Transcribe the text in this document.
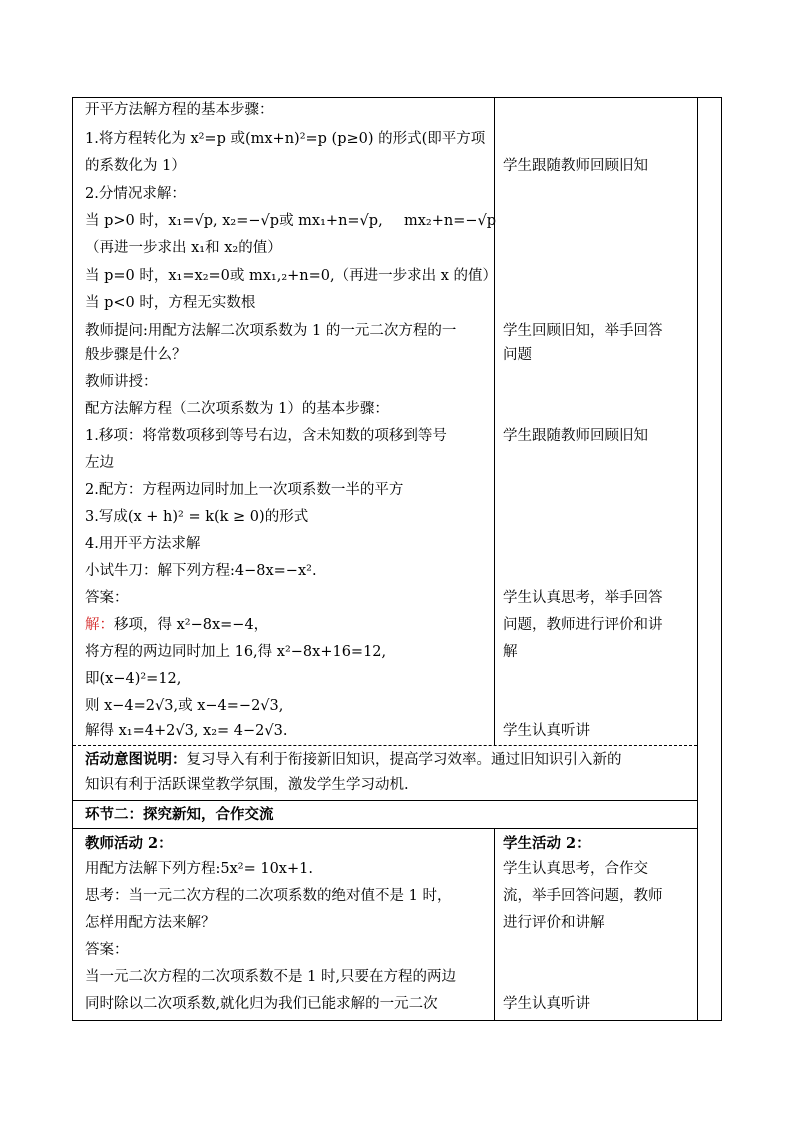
开平方法解方程的基本步骤：
1.将方程转化为 x²=p 或(mx+n)²=p (p≥0) 的形式(即平方项
的系数化为 1）
2.分情况求解：
当 p>0 时，x₁=√p, x₂=−√p或 mx₁+n=√p, mx₂+n=−√p
（再进一步求出 x₁和 x₂的值）
当 p=0 时，x₁=x₂=0或 mx₁,₂+n=0,（再进一步求出 x 的值）
当 p<0 时，方程无实数根
教师提问:用配方法解二次项系数为 1 的一元二次方程的一
般步骤是什么？
教师讲授：
配方法解方程（二次项系数为 1）的基本步骤：
1.移项：将常数项移到等号右边，含未知数的项移到等号
左边
2.配方：方程两边同时加上一次项系数一半的平方
3.写成(x + h)² = k(k ≥ 0)的形式
4.用开平方法求解
小试牛刀：解下列方程:4−8x=−x².
答案：
解：移项，得 x²−8x=−4，
将方程的两边同时加上 16,得 x²−8x+16=12,
即(x−4)²=12,
则 x−4=2√3,或 x−4=−2√3,
解得 x₁=4+2√3, x₂= 4−2√3.
学生跟随教师回顾旧知
学生回顾旧知，举手回答
问题
学生跟随教师回顾旧知
学生认真思考，举手回答
问题，教师进行评价和讲
解
学生认真听讲
活动意图说明：复习导入有利于衔接新旧知识，提高学习效率。通过旧知识引入新的
知识有利于活跃课堂教学氛围，激发学生学习动机.
环节二：探究新知，合作交流
教师活动 2：
用配方法解下列方程:5x²= 10x+1.
思考：当一元二次方程的二次项系数的绝对值不是 1 时，
怎样用配方法来解？
答案：
当一元二次方程的二次项系数不是 1 时,只要在方程的两边
同时除以二次项系数,就化归为我们已能求解的一元二次
学生活动 2：
学生认真思考，合作交
流，举手回答问题，教师
进行评价和讲解
学生认真听讲
